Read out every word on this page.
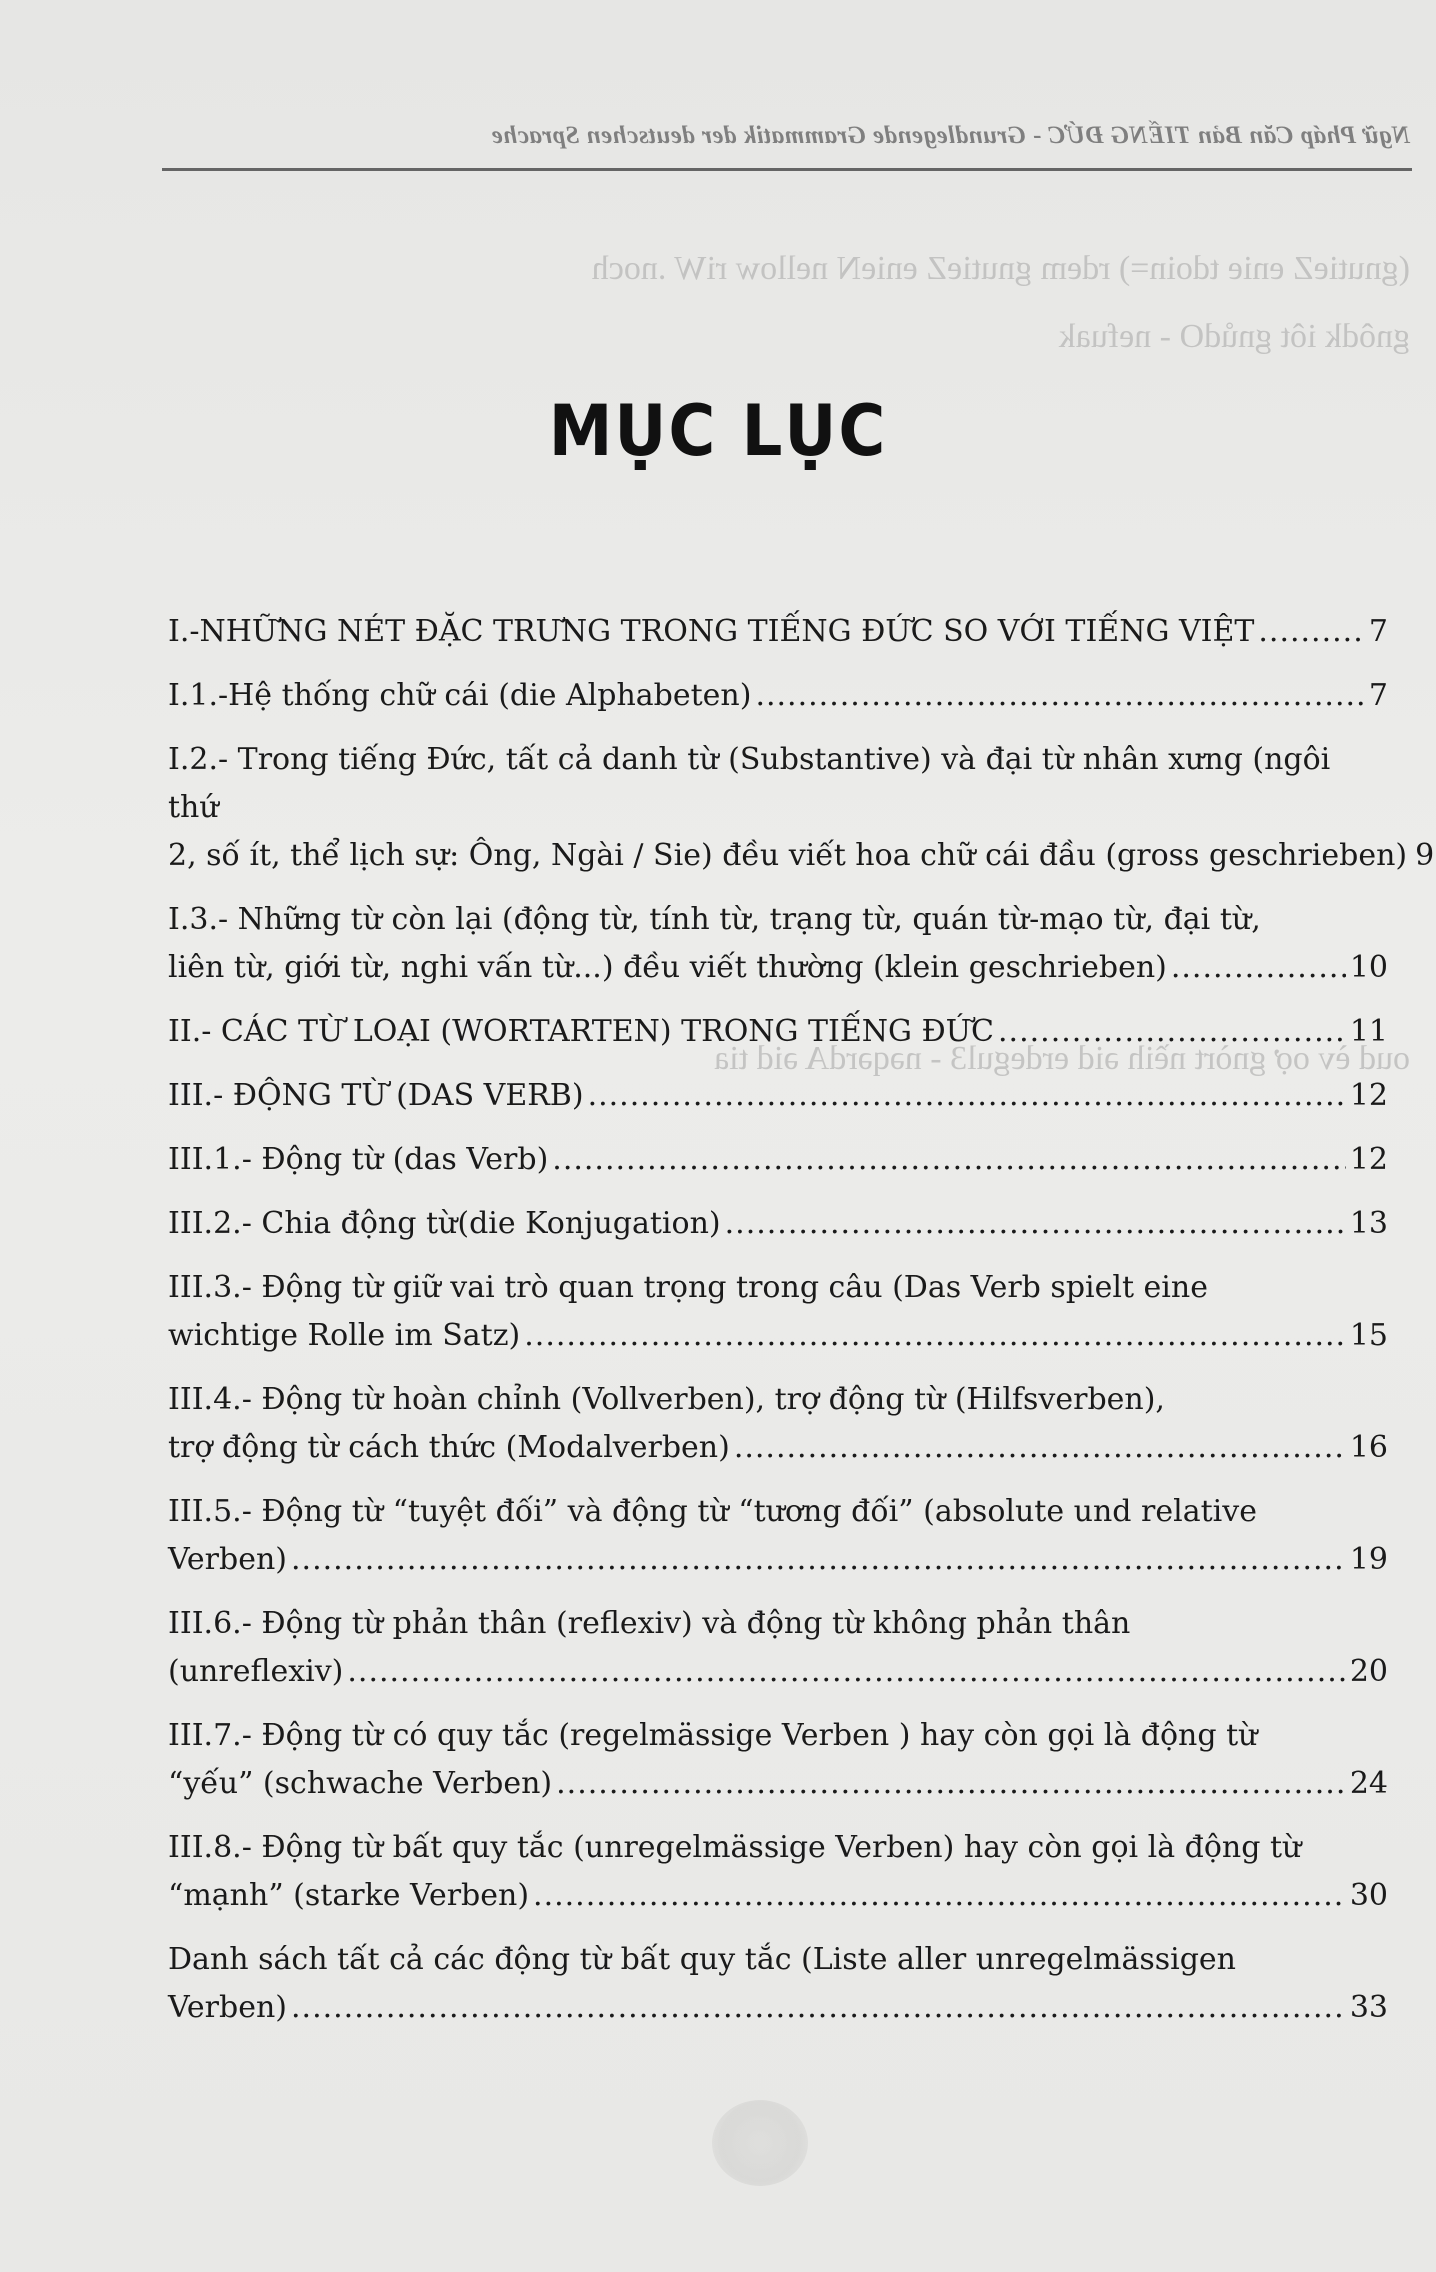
Ngữ Pháp Căn Bản TIẾNG ĐỨC - Grundlegende Grammatik der deutschen Sprache
(gnutieZ enie tdoin=) rdem gnutieZ enieN nellow riW .noch
gnôdk iôt gnůdO - nefuak
oud èv oợ gnòrt nềih əid erdegul3 - nəqərdA əid tia
MỤC LỤC
I.-NHỮNG NÉT ĐẶC TRƯNG TRONG TIẾNG ĐỨC SO VỚI TIẾNG VIỆT .....	7
I.1.-Hệ thống chữ cái (die Alphabeten) .....	7
I.2.- Trong tiếng Đức, tất cả danh từ (Substantive) và đại từ nhân xưng (ngôi thứ
2, số ít, thể lịch sự: Ông, Ngài / Sie) đều viết hoa chữ cái đầu (gross geschrieben) 9
I.3.- Những từ còn lại (động từ, tính từ, trạng từ, quán từ-mạo từ, đại từ,
liên từ, giới từ, nghi vấn từ...) đều viết thường (klein geschrieben) .....	10
II.- CÁC TỪ LOẠI (WORTARTEN) TRONG TIẾNG ĐỨC .....	11
III.- ĐỘNG TỪ (DAS VERB) .....	12
III.1.- Động từ (das Verb) .....	12
III.2.- Chia động từ(die Konjugation) .....	13
III.3.- Động từ giữ vai trò quan trọng trong câu (Das Verb spielt eine
wichtige Rolle im Satz) .....	15
III.4.- Động từ hoàn chỉnh (Vollverben), trợ động từ (Hilfsverben),
trợ động từ cách thức (Modalverben) .....	16
III.5.- Động từ “tuyệt đối” và động từ “tương đối” (absolute und relative
Verben) .....	19
III.6.- Động từ phản thân (reflexiv) và động từ không phản thân
(unreflexiv) .....	20
III.7.- Động từ có quy tắc (regelmässige Verben ) hay còn gọi là động từ
“yếu” (schwache Verben) .....	24
III.8.- Động từ bất quy tắc (unregelmässige Verben) hay còn gọi là động từ
“mạnh” (starke Verben) .....	30
Danh sách tất cả các động từ bất quy tắc (Liste aller unregelmässigen
Verben) .....	33
